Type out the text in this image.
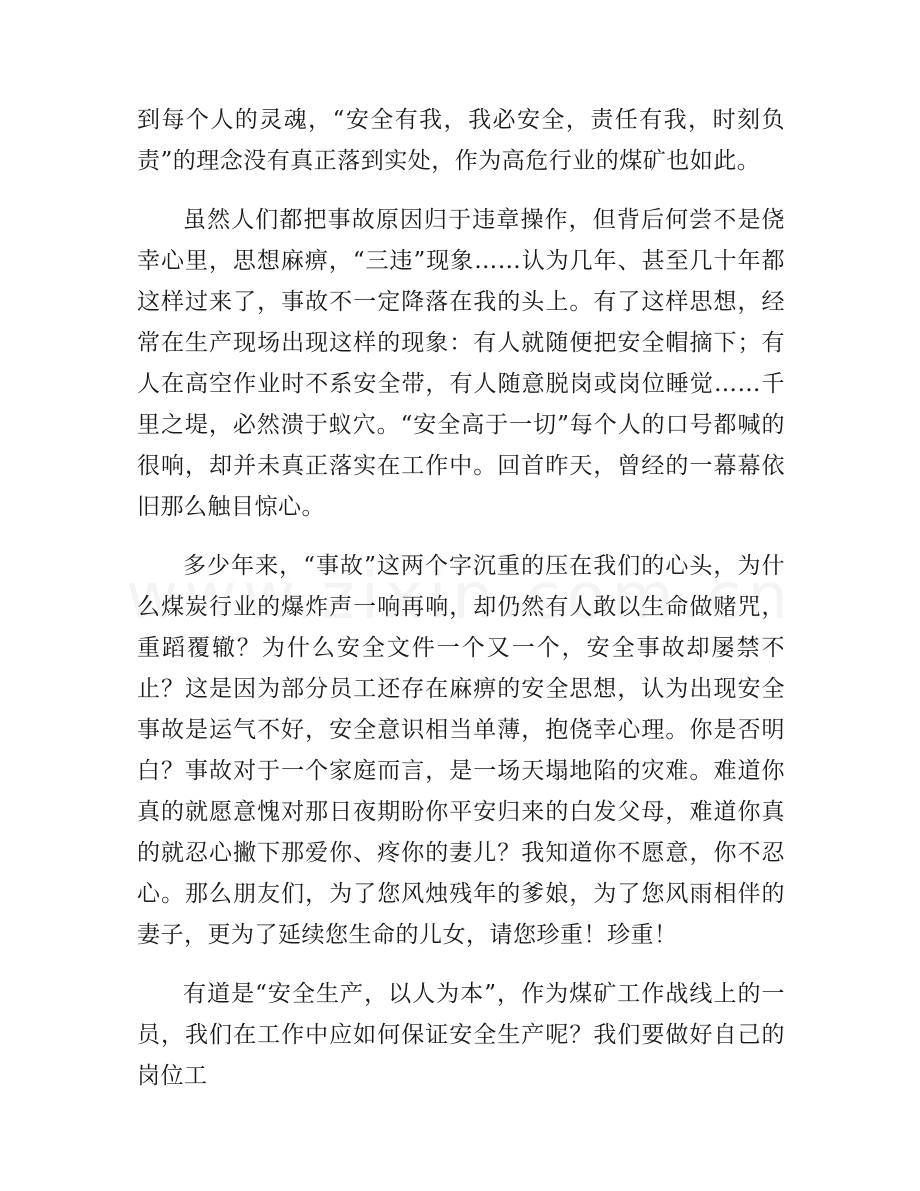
到每个人的灵魂，“安全有我，我必安全，责任有我，时刻负责”的理念没有真正落到实处，作为高危行业的煤矿也如此。

虽然人们都把事故原因归于违章操作，但背后何尝不是侥幸心里，思想麻痹，“三违”现象……认为几年、甚至几十年都这样过来了，事故不一定降落在我的头上。有了这样思想，经常在生产现场出现这样的现象：有人就随便把安全帽摘下；有人在高空作业时不系安全带，有人随意脱岗或岗位睡觉……千里之堤，必然溃于蚁穴。“安全高于一切”每个人的口号都喊的很响，却并未真正落实在工作中。回首昨天，曾经的一幕幕依旧那么触目惊心。

多少年来，“事故”这两个字沉重的压在我们的心头，为什么煤炭行业的爆炸声一响再响，却仍然有人敢以生命做赌咒，重蹈覆辙？为什么安全文件一个又一个，安全事故却屡禁不止？这是因为部分员工还存在麻痹的安全思想，认为出现安全事故是运气不好，安全意识相当单薄，抱侥幸心理。你是否明白？事故对于一个家庭而言，是一场天塌地陷的灾难。难道你真的就愿意愧对那日夜期盼你平安归来的白发父母，难道你真的就忍心撇下那爱你、疼你的妻儿？我知道你不愿意，你不忍心。那么朋友们，为了您风烛残年的爹娘，为了您风雨相伴的妻子，更为了延续您生命的儿女，请您珍重！珍重！

有道是“安全生产，以人为本”，作为煤矿工作战线上的一员，我们在工作中应如何保证安全生产呢？我们要做好自己的岗位工
